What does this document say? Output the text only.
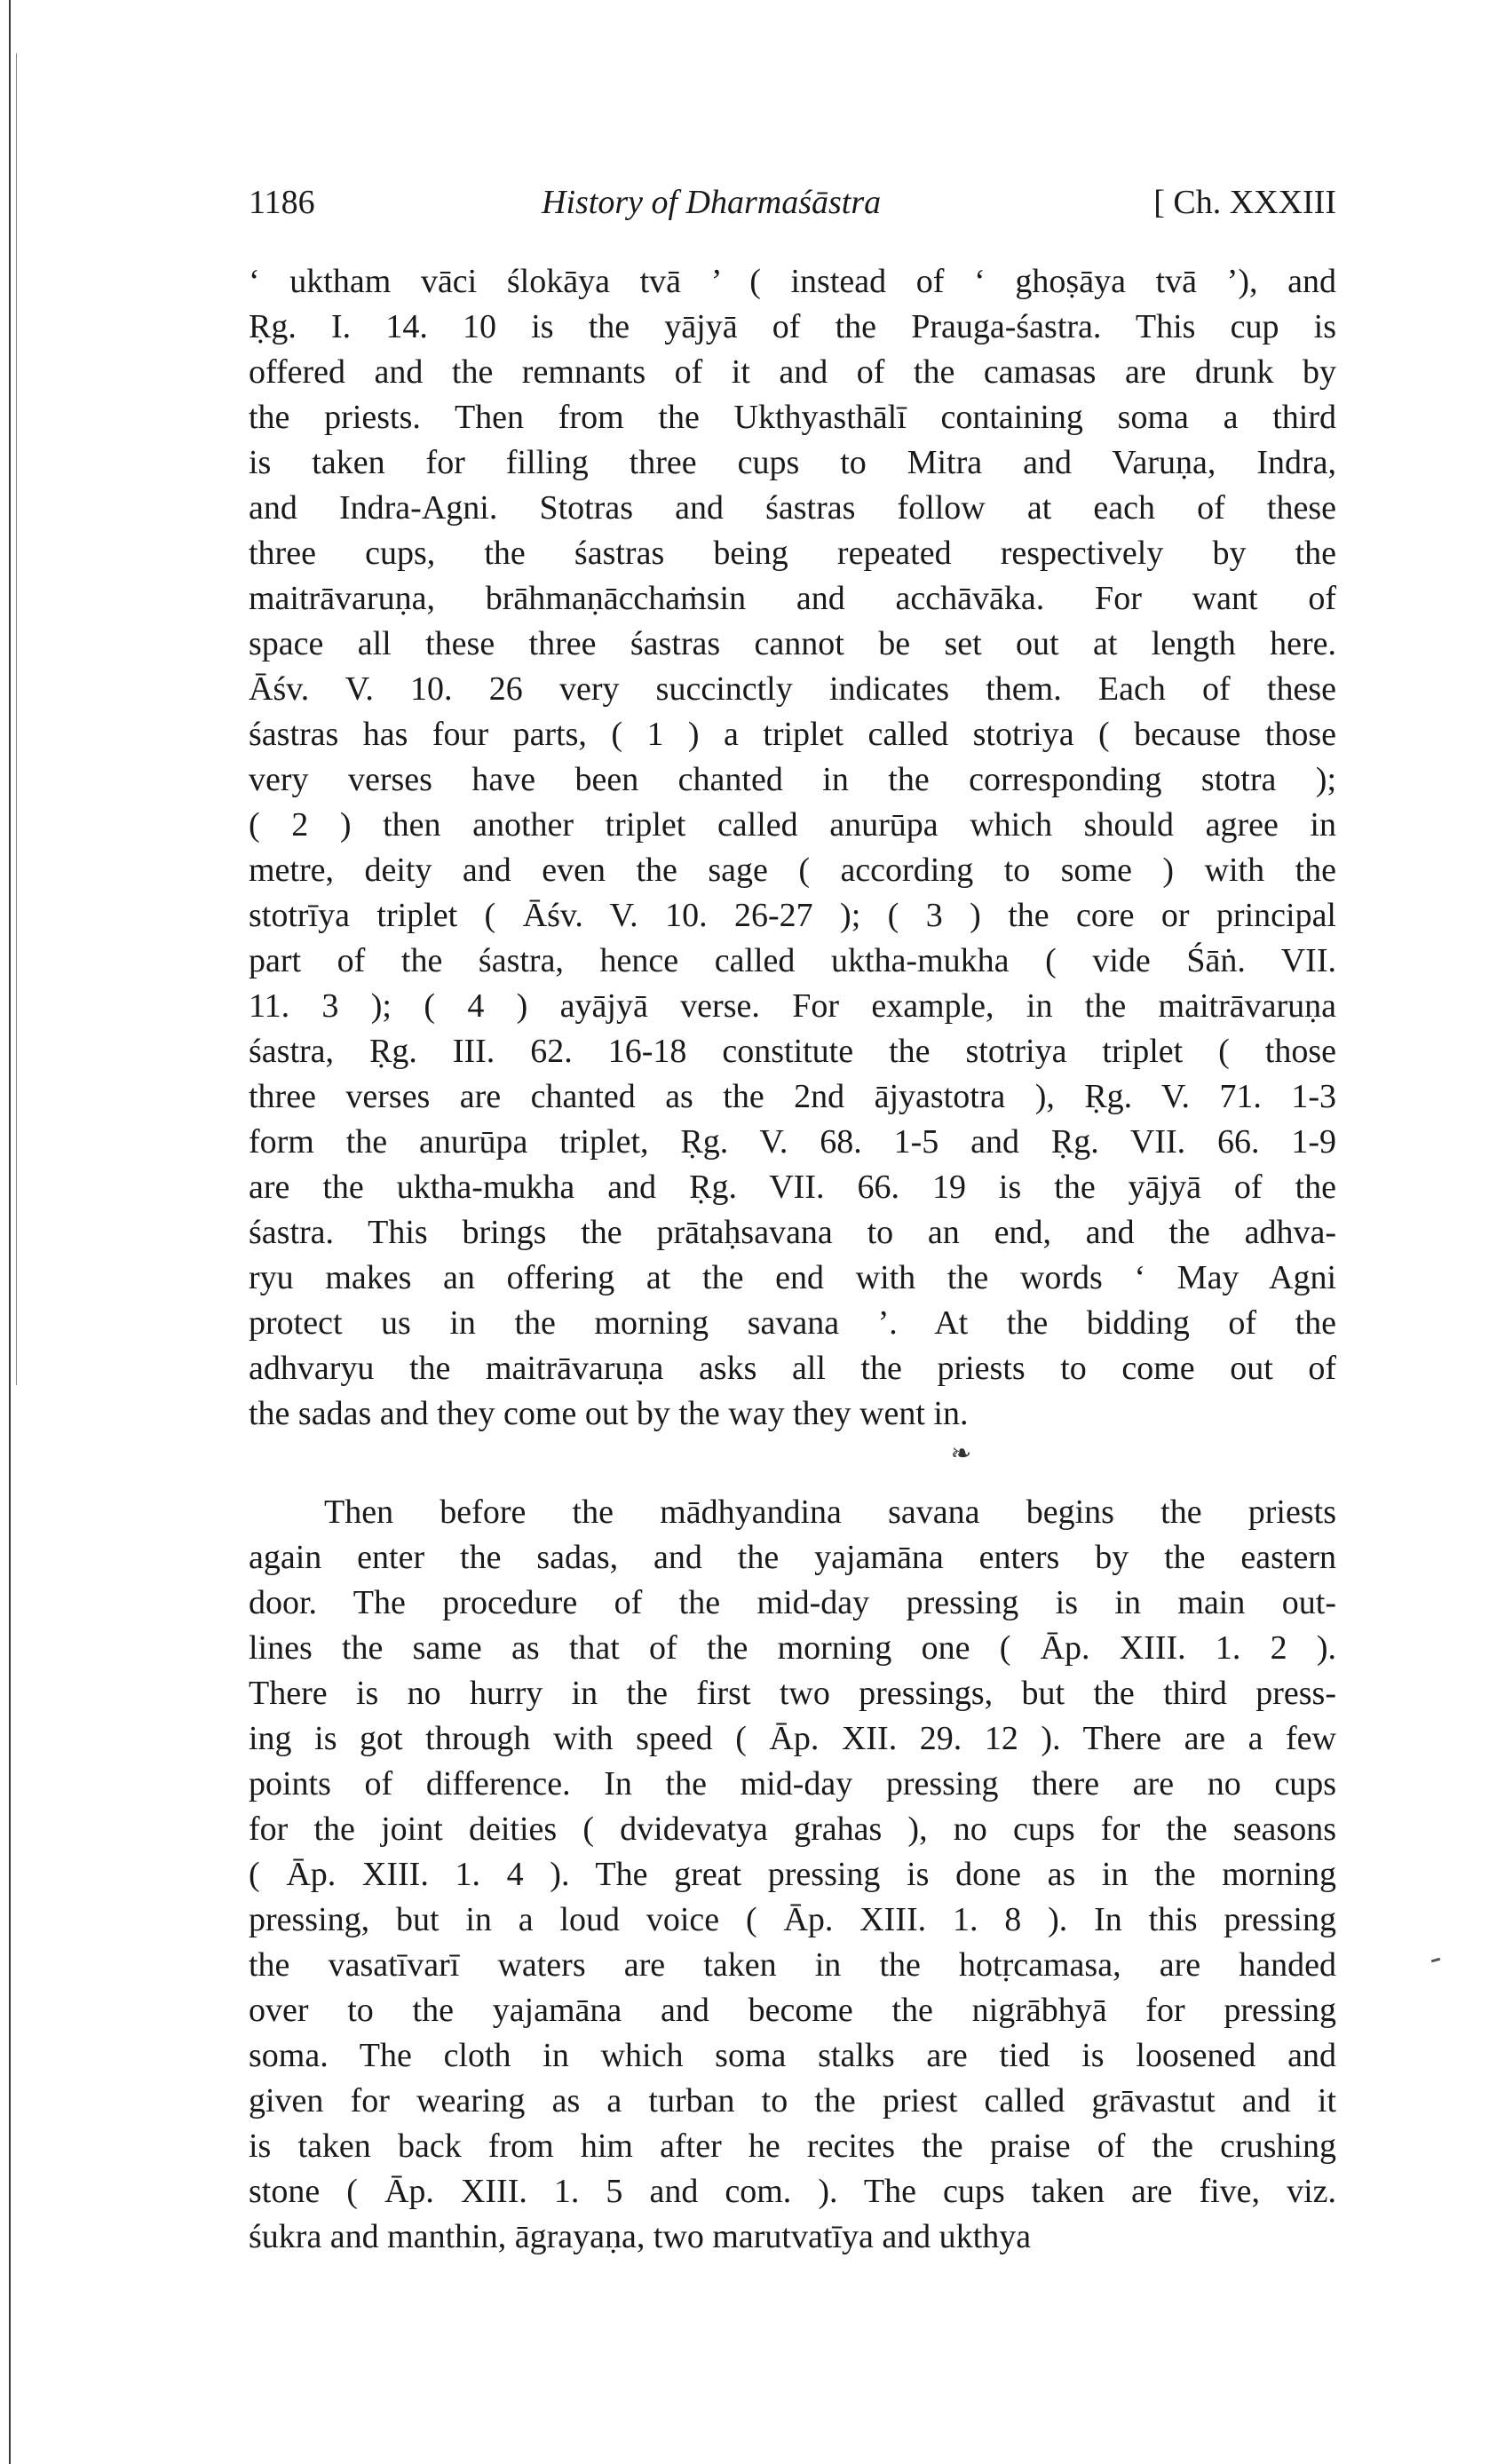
1186	History of Dharmaśāstra	[ Ch. XXXIII
‘ uktham vāci ślokāya tvā ’ ( instead of ‘ ghoṣāya tvā ’), and
Ṛg. I. 14. 10 is the yājyā of the Prauga-śastra. This cup is
offered and the remnants of it and of the camasas are drunk by
the priests. Then from the Ukthyasthālī containing soma a third
is taken for filling three cups to Mitra and Varuṇa, Indra,
and Indra-Agni. Stotras and śastras follow at each of these
three cups, the śastras being repeated respectively by the
maitrāvaruṇa, brāhmaṇācchaṁsin and acchāvāka. For want of
space all these three śastras cannot be set out at length here.
Āśv. V. 10. 26 very succinctly indicates them. Each of these
śastras has four parts, ( 1 ) a triplet called stotriya ( because those
very verses have been chanted in the corresponding stotra );
( 2 ) then another triplet called anurūpa which should agree in
metre, deity and even the sage ( according to some ) with the
stotrīya triplet ( Āśv. V. 10. 26-27 ); ( 3 ) the core or principal
part of the śastra, hence called uktha-mukha ( vide Śāṅ. VII.
11. 3 ); ( 4 ) ayājyā verse. For example, in the maitrāvaruṇa
śastra, Ṛg. III. 62. 16-18 constitute the stotriya triplet ( those
three verses are chanted as the 2nd ājyastotra ), Ṛg. V. 71. 1-3
form the anurūpa triplet, Ṛg. V. 68. 1-5 and Ṛg. VII. 66. 1-9
are the uktha-mukha and Ṛg. VII. 66. 19 is the yājyā of the
śastra. This brings the prātaḥsavana to an end, and the adhva-
ryu makes an offering at the end with the words ‘ May Agni
protect us in the morning savana ’. At the bidding of the
adhvaryu the maitrāvaruṇa asks all the priests to come out of
the sadas and they come out by the way they went in.
❧
Then before the mādhyandina savana begins the priests
again enter the sadas, and the yajamāna enters by the eastern
door. The procedure of the mid-day pressing is in main out-
lines the same as that of the morning one ( Āp. XIII. 1. 2 ).
There is no hurry in the first two pressings, but the third press-
ing is got through with speed ( Āp. XII. 29. 12 ). There are a few
points of difference. In the mid-day pressing there are no cups
for the joint deities ( dvidevatya grahas ), no cups for the seasons
( Āp. XIII. 1. 4 ). The great pressing is done as in the morning
pressing, but in a loud voice ( Āp. XIII. 1. 8 ). In this pressing
the vasatīvarī waters are taken in the hotṛcamasa, are handed
over to the yajamāna and become the nigrābhyā for pressing
soma. The cloth in which soma stalks are tied is loosened and
given for wearing as a turban to the priest called grāvastut and it
is taken back from him after he recites the praise of the crushing
stone ( Āp. XIII. 1. 5 and com. ). The cups taken are five, viz.
śukra and manthin, āgrayaṇa, two marutvatīya and ukthya
